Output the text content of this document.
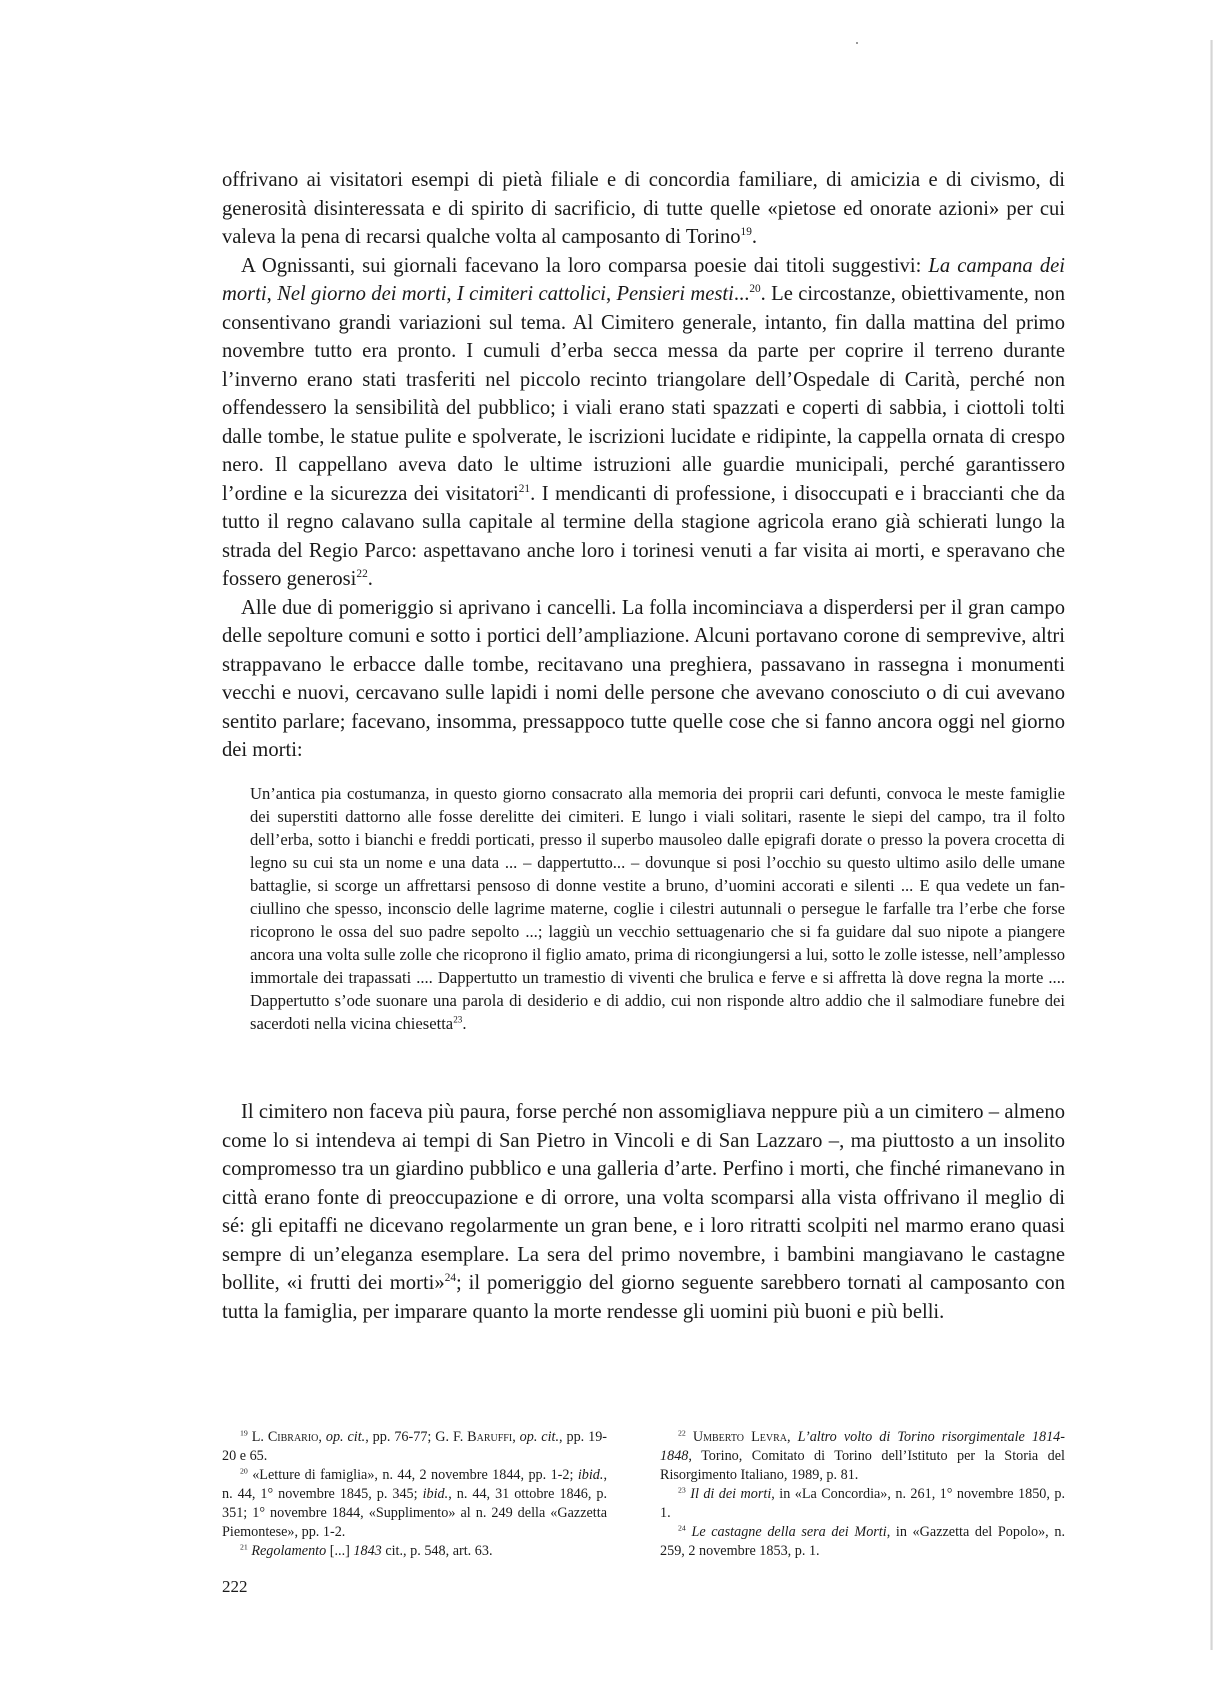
offrivano ai visitatori esempi di pietà filiale e di concordia familiare, di amicizia e di civismo, di generosità disinteressata e di spirito di sacrificio, di tutte quelle «pietose ed onorate azioni» per cui valeva la pena di recarsi qualche volta al camposanto di Torino$^{19}$.

A Ognissanti, sui giornali facevano la loro comparsa poesie dai titoli suggestivi: La campana dei morti, Nel giorno dei morti, I cimiteri cattolici, Pensieri mesti...$^{20}$. Le circostanze, obiettivamente, non consentivano grandi variazioni sul tema. Al Cimitero generale, intanto, fin dalla mattina del primo novembre tutto era pronto. I cumuli d’erba secca messa da parte per coprire il terreno durante l’inverno erano stati trasferiti nel piccolo recinto triangolare dell’Ospedale di Carità, perché non offendessero la sensibilità del pubblico; i viali erano stati spazzati e coperti di sabbia, i ciottoli tolti dalle tombe, le statue pulite e spolverate, le iscrizioni lucidate e ridipinte, la cappella ornata di crespo nero. Il cappellano aveva dato le ultime istruzioni alle guardie municipali, perché garantissero l’ordine e la sicurezza dei visitatori$^{21}$. I mendicanti di professione, i disoccupati e i braccianti che da tutto il regno calavano sulla capitale al termine della stagione agricola erano già schierati lungo la strada del Regio Parco: aspettavano anche loro i torinesi venuti a far visita ai morti, e speravano che fossero generosi$^{22}$.

Alle due di pomeriggio si aprivano i cancelli. La folla incominciava a disperdersi per il gran campo delle sepolture comuni e sotto i portici dell’ampliazione. Alcuni portavano corone di semprevive, altri strappavano le erbacce dalle tombe, recitavano una preghiera, passavano in rassegna i monumenti vecchi e nuovi, cercavano sulle lapidi i nomi delle persone che avevano conosciuto o di cui avevano sentito parlare; facevano, insomma, pressappoco tutte quelle cose che si fanno ancora oggi nel giorno dei morti:

Un’antica pia costumanza, in questo giorno consacrato alla memoria dei proprii cari defunti, convoca le meste famiglie dei superstiti dattorno alle fosse derelitte dei cimiteri. E lungo i viali solitari, rasente le siepi del campo, tra il folto dell’erba, sotto i bianchi e freddi porticati, presso il superbo mausoleo dalle epigrafi dorate o presso la povera crocetta di legno su cui sta un nome e una data ... – dappertutto... – dovunque si posi l’occhio su questo ultimo asilo delle umane battaglie, si scorge un affrettarsi pensoso di donne vestite a bruno, d’uomini accorati e silenti ... E qua vedete un fanciullino che spesso, inconscio delle lagrime materne, coglie i cilestri autunnali o persegue le farfalle tra l’erbe che forse ricoprono le ossa del suo padre sepolto ...; laggiù un vecchio settuagenario che si fa guidare dal suo nipote a piangere ancora una volta sulle zolle che ricoprono il figlio amato, prima di ricongiungersi a lui, sotto le zolle istesse, nell’amplesso immortale dei trapassati .... Dappertutto un tramestio di viventi che brulica e ferve e si affretta là dove regna la morte .... Dappertutto s’ode suonare una parola di desiderio e di addio, cui non risponde altro addio che il salmodiare funebre dei sacerdoti nella vicina chiesetta$^{23}$.

Il cimitero non faceva più paura, forse perché non assomigliava neppure più a un cimitero – almeno come lo si intendeva ai tempi di San Pietro in Vincoli e di San Lazzaro –, ma piuttosto a un insolito compromesso tra un giardino pubblico e una galleria d’arte. Perfino i morti, che finché rimanevano in città erano fonte di preoccupazione e di orrore, una volta scomparsi alla vista offrivano il meglio di sé: gli epitaffi ne dicevano regolarmente un gran bene, e i loro ritratti scolpiti nel marmo erano quasi sempre di un’eleganza esemplare. La sera del primo novembre, i bambini mangiavano le castagne bollite, «i frutti dei morti»$^{24}$; il pomeriggio del giorno seguente sarebbero tornati al camposanto con tutta la famiglia, per imparare quanto la morte rendesse gli uomini più buoni e più belli.

$^{19}$ L. Cibrario, op. cit., pp. 76-77; G. F. Baruffi, op. cit., pp. 19-20 e 65.

$^{20}$ «Letture di famiglia», n. 44, 2 novembre 1844, pp. 1-2; ibid., n. 44, 1° novembre 1845, p. 345; ibid., n. 44, 31 ottobre 1846, p. 351; 1° novembre 1844, «Supplimento» al n. 249 della «Gazzetta Piemontese», pp. 1-2.

$^{21}$ Regolamento [...] 1843 cit., p. 548, art. 63.

$^{22}$ Umberto Levra, L’altro volto di Torino risorgimentale 1814-1848, Torino, Comitato di Torino dell’Istituto per la Storia del Risorgimento Italiano, 1989, p. 81.

$^{23}$ Il di dei morti, in «La Concordia», n. 261, 1° novembre 1850, p. 1.

$^{24}$ Le castagne della sera dei Morti, in «Gazzetta del Popolo», n. 259, 2 novembre 1853, p. 1.

222
